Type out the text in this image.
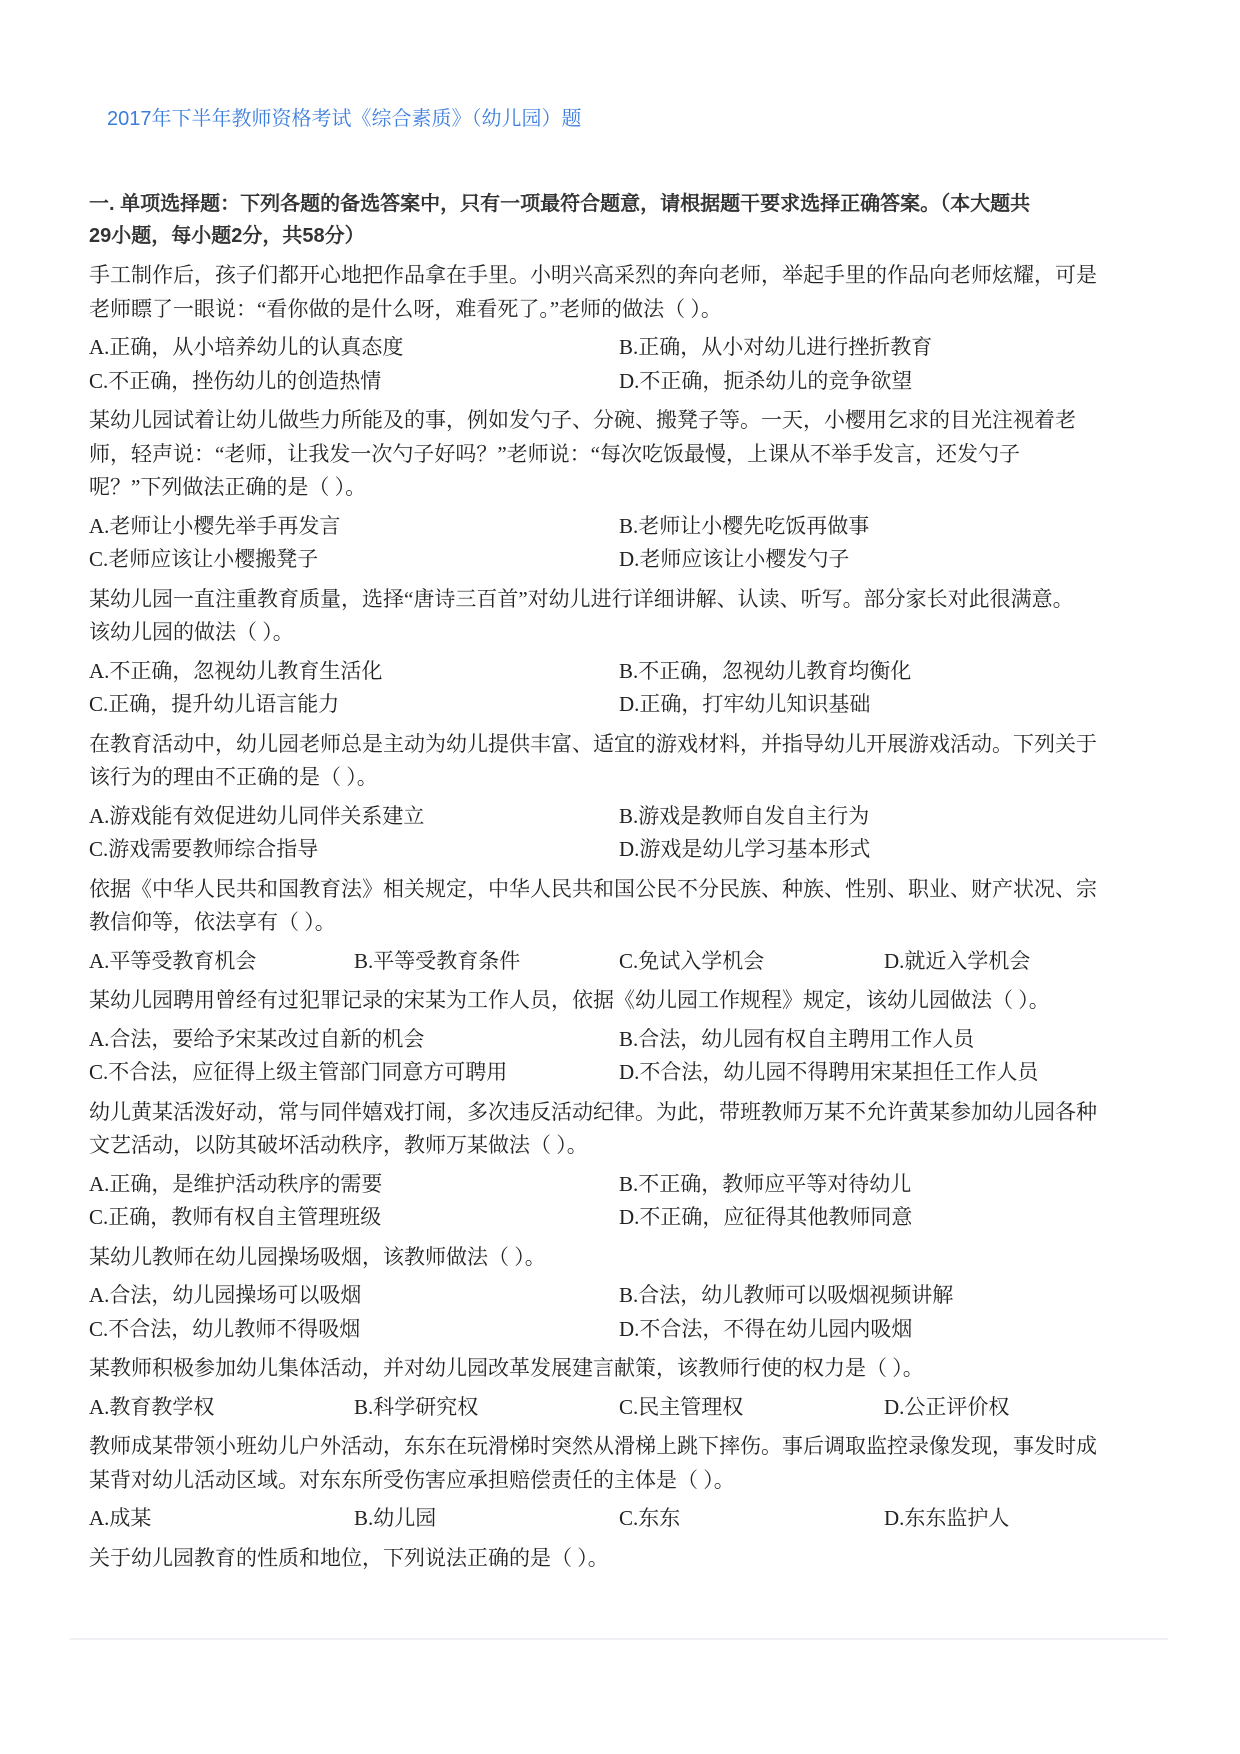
2017年下半年教师资格考试《综合素质》（幼儿园）题
一. 单项选择题：下列各题的备选答案中，只有一项最符合题意，请根据题干要求选择正确答案。（本大题共
29小题，每小题2分，共58分）
手工制作后，孩子们都开心地把作品拿在手里。小明兴高采烈的奔向老师，举起手里的作品向老师炫耀，可是
老师瞟了一眼说：“看你做的是什么呀，难看死了。”老师的做法（ ）。
A.正确，从小培养幼儿的认真态度	B.正确，从小对幼儿进行挫折教育
C.不正确，挫伤幼儿的创造热情	D.不正确，扼杀幼儿的竞争欲望
某幼儿园试着让幼儿做些力所能及的事，例如发勺子、分碗、搬凳子等。一天，小樱用乞求的目光注视着老
师，轻声说：“老师，让我发一次勺子好吗？”老师说：“每次吃饭最慢，上课从不举手发言，还发勺子
呢？”下列做法正确的是（ ）。
A.老师让小樱先举手再发言	B.老师让小樱先吃饭再做事
C.老师应该让小樱搬凳子	D.老师应该让小樱发勺子
某幼儿园一直注重教育质量，选择“唐诗三百首”对幼儿进行详细讲解、认读、听写。部分家长对此很满意。
该幼儿园的做法（ ）。
A.不正确，忽视幼儿教育生活化	B.不正确，忽视幼儿教育均衡化
C.正确，提升幼儿语言能力	D.正确，打牢幼儿知识基础
在教育活动中，幼儿园老师总是主动为幼儿提供丰富、适宜的游戏材料，并指导幼儿开展游戏活动。下列关于
该行为的理由不正确的是（ ）。
A.游戏能有效促进幼儿同伴关系建立	B.游戏是教师自发自主行为
C.游戏需要教师综合指导	D.游戏是幼儿学习基本形式
依据《中华人民共和国教育法》相关规定，中华人民共和国公民不分民族、种族、性别、职业、财产状况、宗
教信仰等，依法享有（ ）。
A.平等受教育机会	B.平等受教育条件	C.免试入学机会	D.就近入学机会
某幼儿园聘用曾经有过犯罪记录的宋某为工作人员，依据《幼儿园工作规程》规定，该幼儿园做法（ ）。
A.合法，要给予宋某改过自新的机会	B.合法，幼儿园有权自主聘用工作人员
C.不合法，应征得上级主管部门同意方可聘用	D.不合法，幼儿园不得聘用宋某担任工作人员
幼儿黄某活泼好动，常与同伴嬉戏打闹，多次违反活动纪律。为此，带班教师万某不允许黄某参加幼儿园各种
文艺活动，以防其破坏活动秩序，教师万某做法（ ）。
A.正确，是维护活动秩序的需要	B.不正确，教师应平等对待幼儿
C.正确，教师有权自主管理班级	D.不正确，应征得其他教师同意
某幼儿教师在幼儿园操场吸烟，该教师做法（ ）。
A.合法，幼儿园操场可以吸烟	B.合法，幼儿教师可以吸烟视频讲解
C.不合法，幼儿教师不得吸烟	D.不合法，不得在幼儿园内吸烟
某教师积极参加幼儿集体活动，并对幼儿园改革发展建言献策，该教师行使的权力是（ ）。
A.教育教学权	B.科学研究权	C.民主管理权	D.公正评价权
教师成某带领小班幼儿户外活动，东东在玩滑梯时突然从滑梯上跳下摔伤。事后调取监控录像发现，事发时成
某背对幼儿活动区域。对东东所受伤害应承担赔偿责任的主体是（ ）。
A.成某	B.幼儿园	C.东东	D.东东监护人
关于幼儿园教育的性质和地位，下列说法正确的是（ ）。
